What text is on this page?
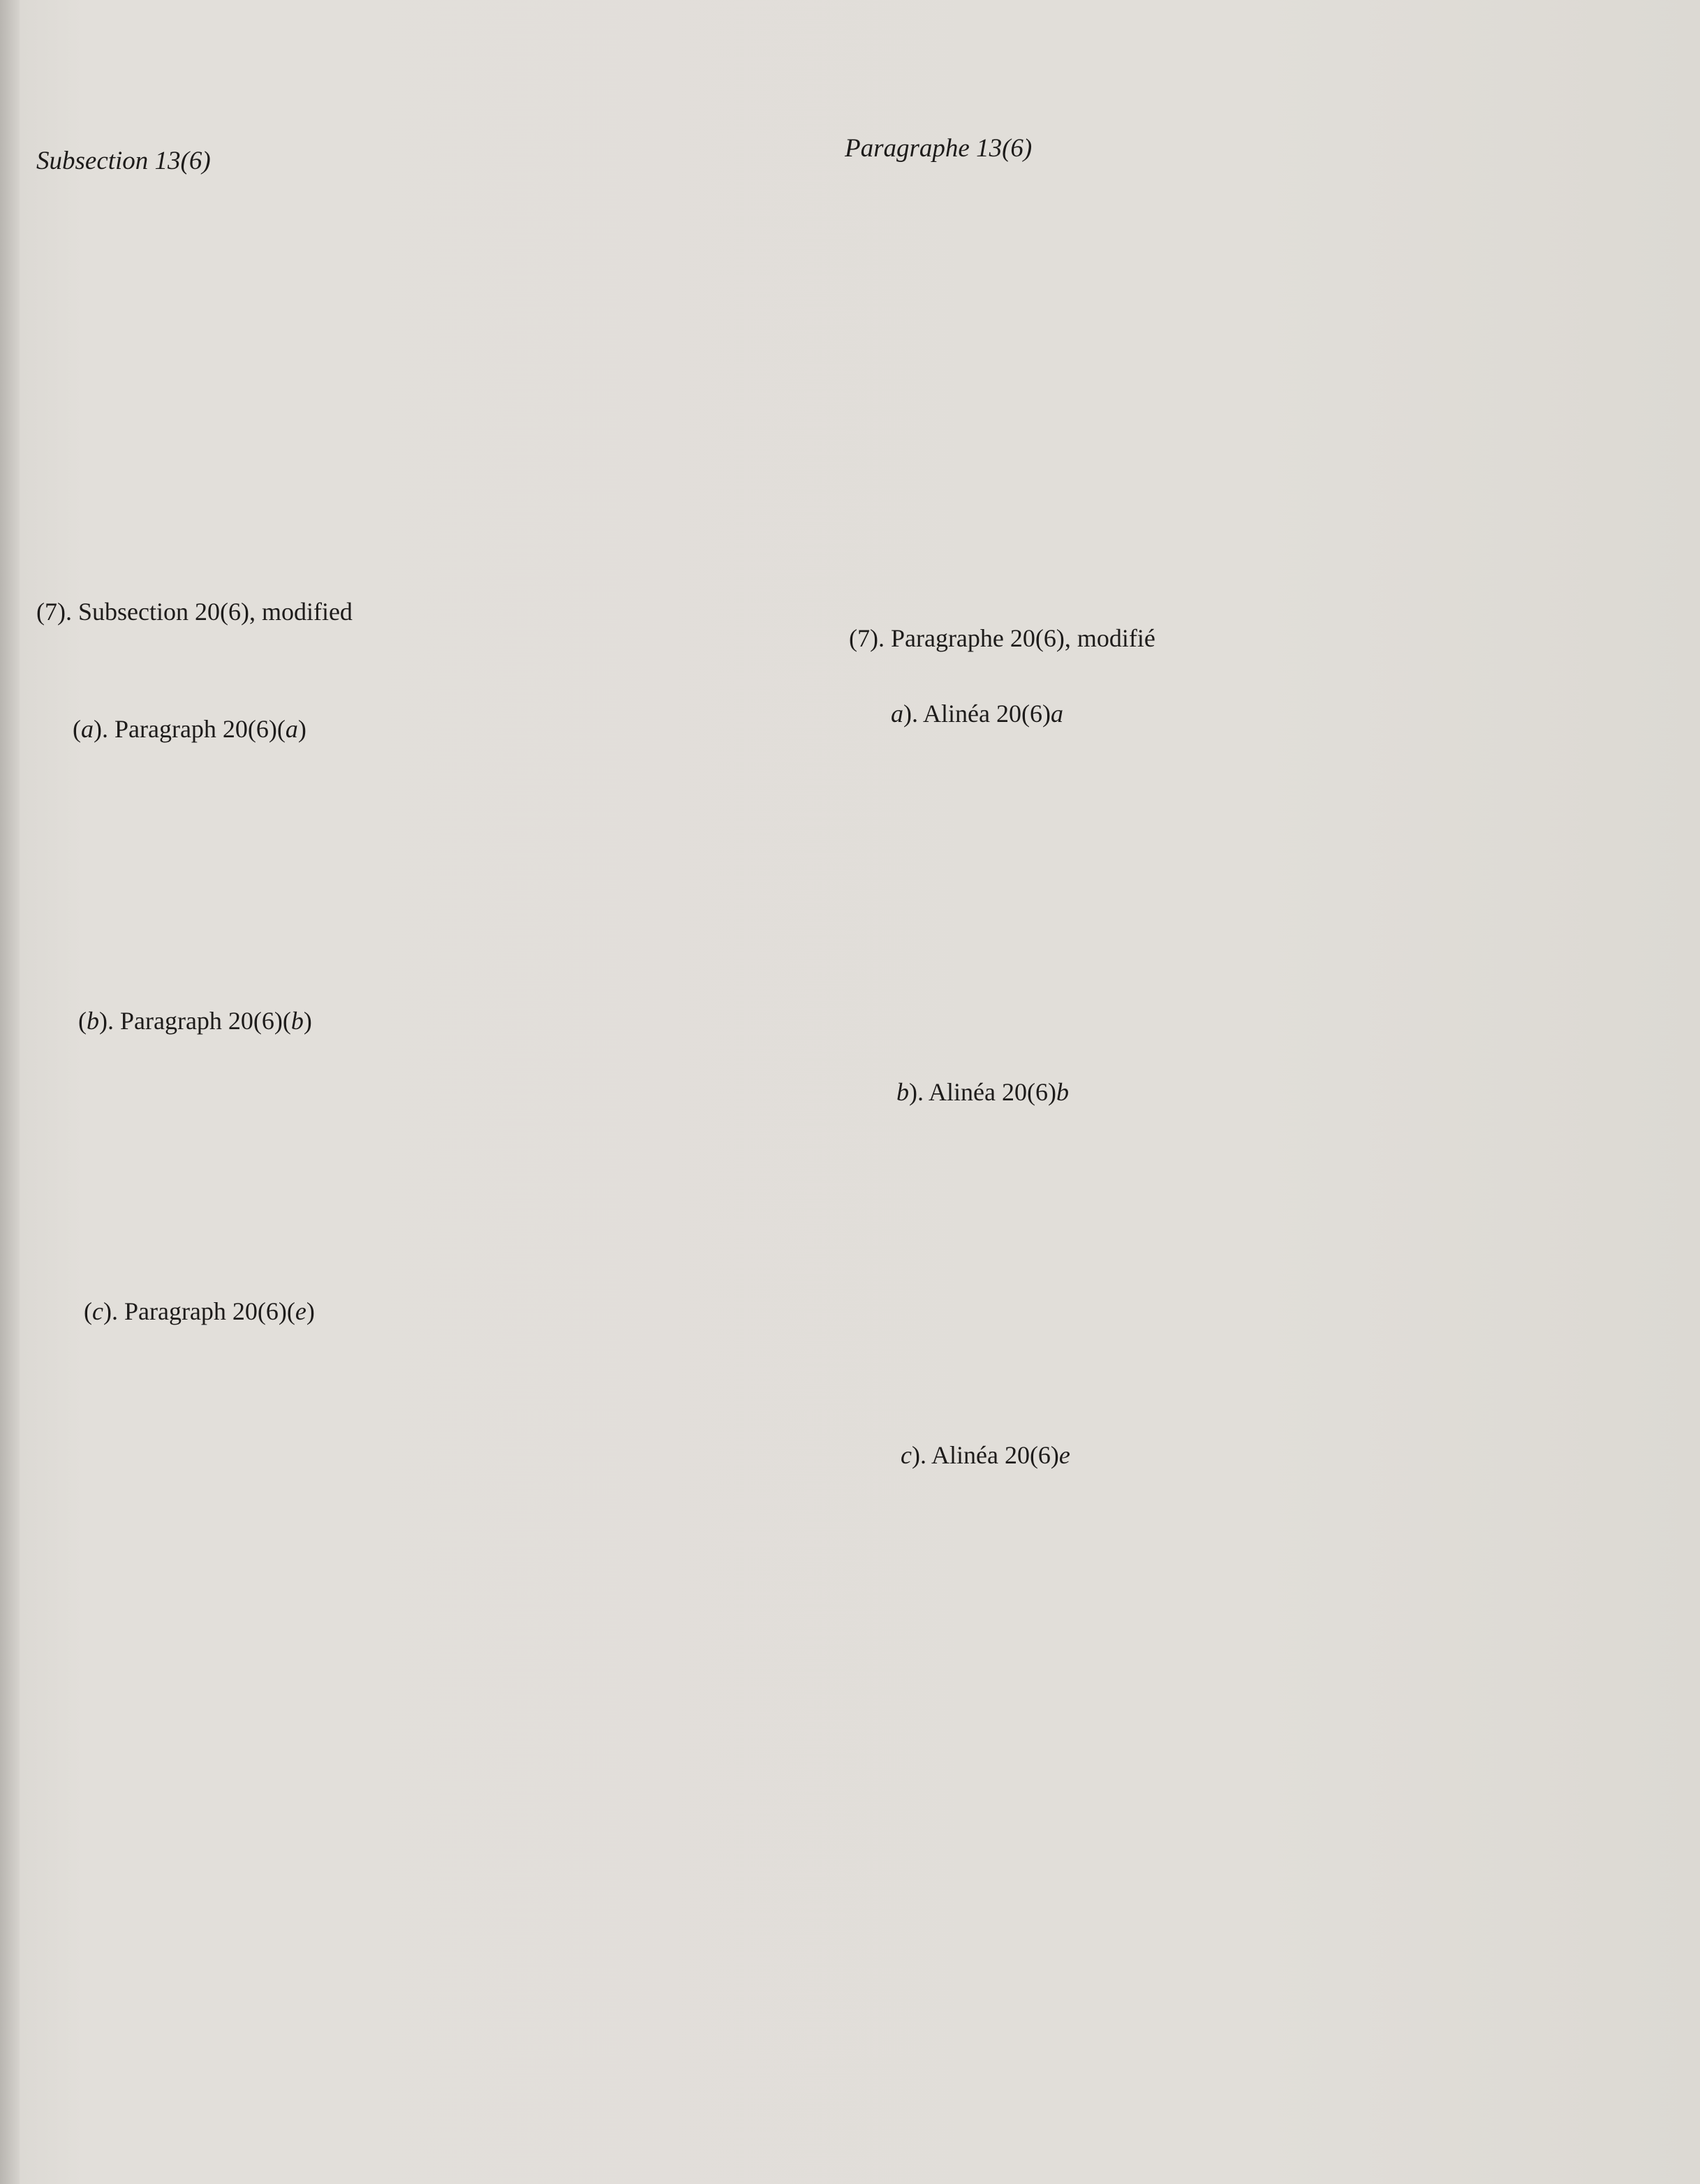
Subsection 13(6)
(7). Subsection 20(6), modified
(a). Paragraph 20(6)(a)
(b). Paragraph 20(6)(b)
(c). Paragraph 20(6)(e)
Paragraphe 13(6)
(7). Paragraphe 20(6), modifié
a). Alinéa 20(6)a
b). Alinéa 20(6)b
c). Alinéa 20(6)e
